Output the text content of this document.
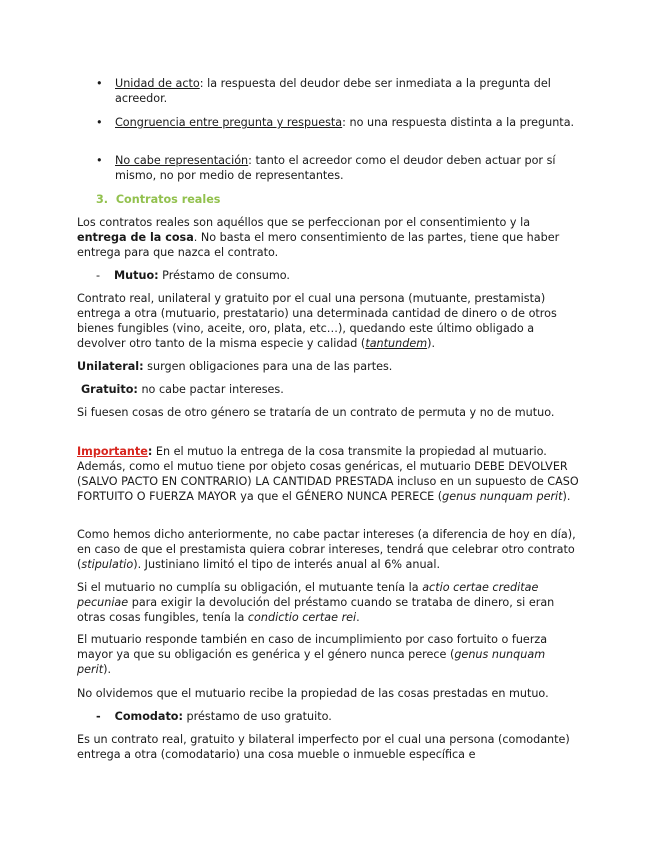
• Unidad de acto: la respuesta del deudor debe ser inmediata a la pregunta del acreedor.
• Congruencia entre pregunta y respuesta: no una respuesta distinta a la pregunta.
• No cabe representación: tanto el acreedor como el deudor deben actuar por sí mismo, no por medio de representantes.
3. Contratos reales

Los contratos reales son aquéllos que se perfeccionan por el consentimiento y la entrega de la cosa. No basta el mero consentimiento de las partes, tiene que haber entrega para que nazca el contrato.

- Mutuo: Préstamo de consumo.

Contrato real, unilateral y gratuito por el cual una persona (mutuante, prestamista) entrega a otra (mutuario, prestatario) una determinada cantidad de dinero o de otros bienes fungibles (vino, aceite, oro, plata, etc…), quedando este último obligado a devolver otro tanto de la misma especie y calidad (tantundem).

Unilateral: surgen obligaciones para una de las partes.

Gratuito: no cabe pactar intereses.

Si fuesen cosas de otro género se trataría de un contrato de permuta y no de mutuo.

Importante: En el mutuo la entrega de la cosa transmite la propiedad al mutuario. Además, como el mutuo tiene por objeto cosas genéricas, el mutuario DEBE DEVOLVER (SALVO PACTO EN CONTRARIO) LA CANTIDAD PRESTADA incluso en un supuesto de CASO FORTUITO O FUERZA MAYOR ya que el GÉNERO NUNCA PERECE (genus nunquam perit).

Como hemos dicho anteriormente, no cabe pactar intereses (a diferencia de hoy en día), en caso de que el prestamista quiera cobrar intereses, tendrá que celebrar otro contrato (stipulatio). Justiniano limitó el tipo de interés anual al 6% anual.

Si el mutuario no cumplía su obligación, el mutuante tenía la actio certae creditae pecuniae para exigir la devolución del préstamo cuando se trataba de dinero, si eran otras cosas fungibles, tenía la condictio certae rei.

El mutuario responde también en caso de incumplimiento por caso fortuito o fuerza mayor ya que su obligación es genérica y el género nunca perece (genus nunquam perit).

No olvidemos que el mutuario recibe la propiedad de las cosas prestadas en mutuo.

- Comodato: préstamo de uso gratuito.

Es un contrato real, gratuito y bilateral imperfecto por el cual una persona (comodante) entrega a otra (comodatario) una cosa mueble o inmueble específica e
